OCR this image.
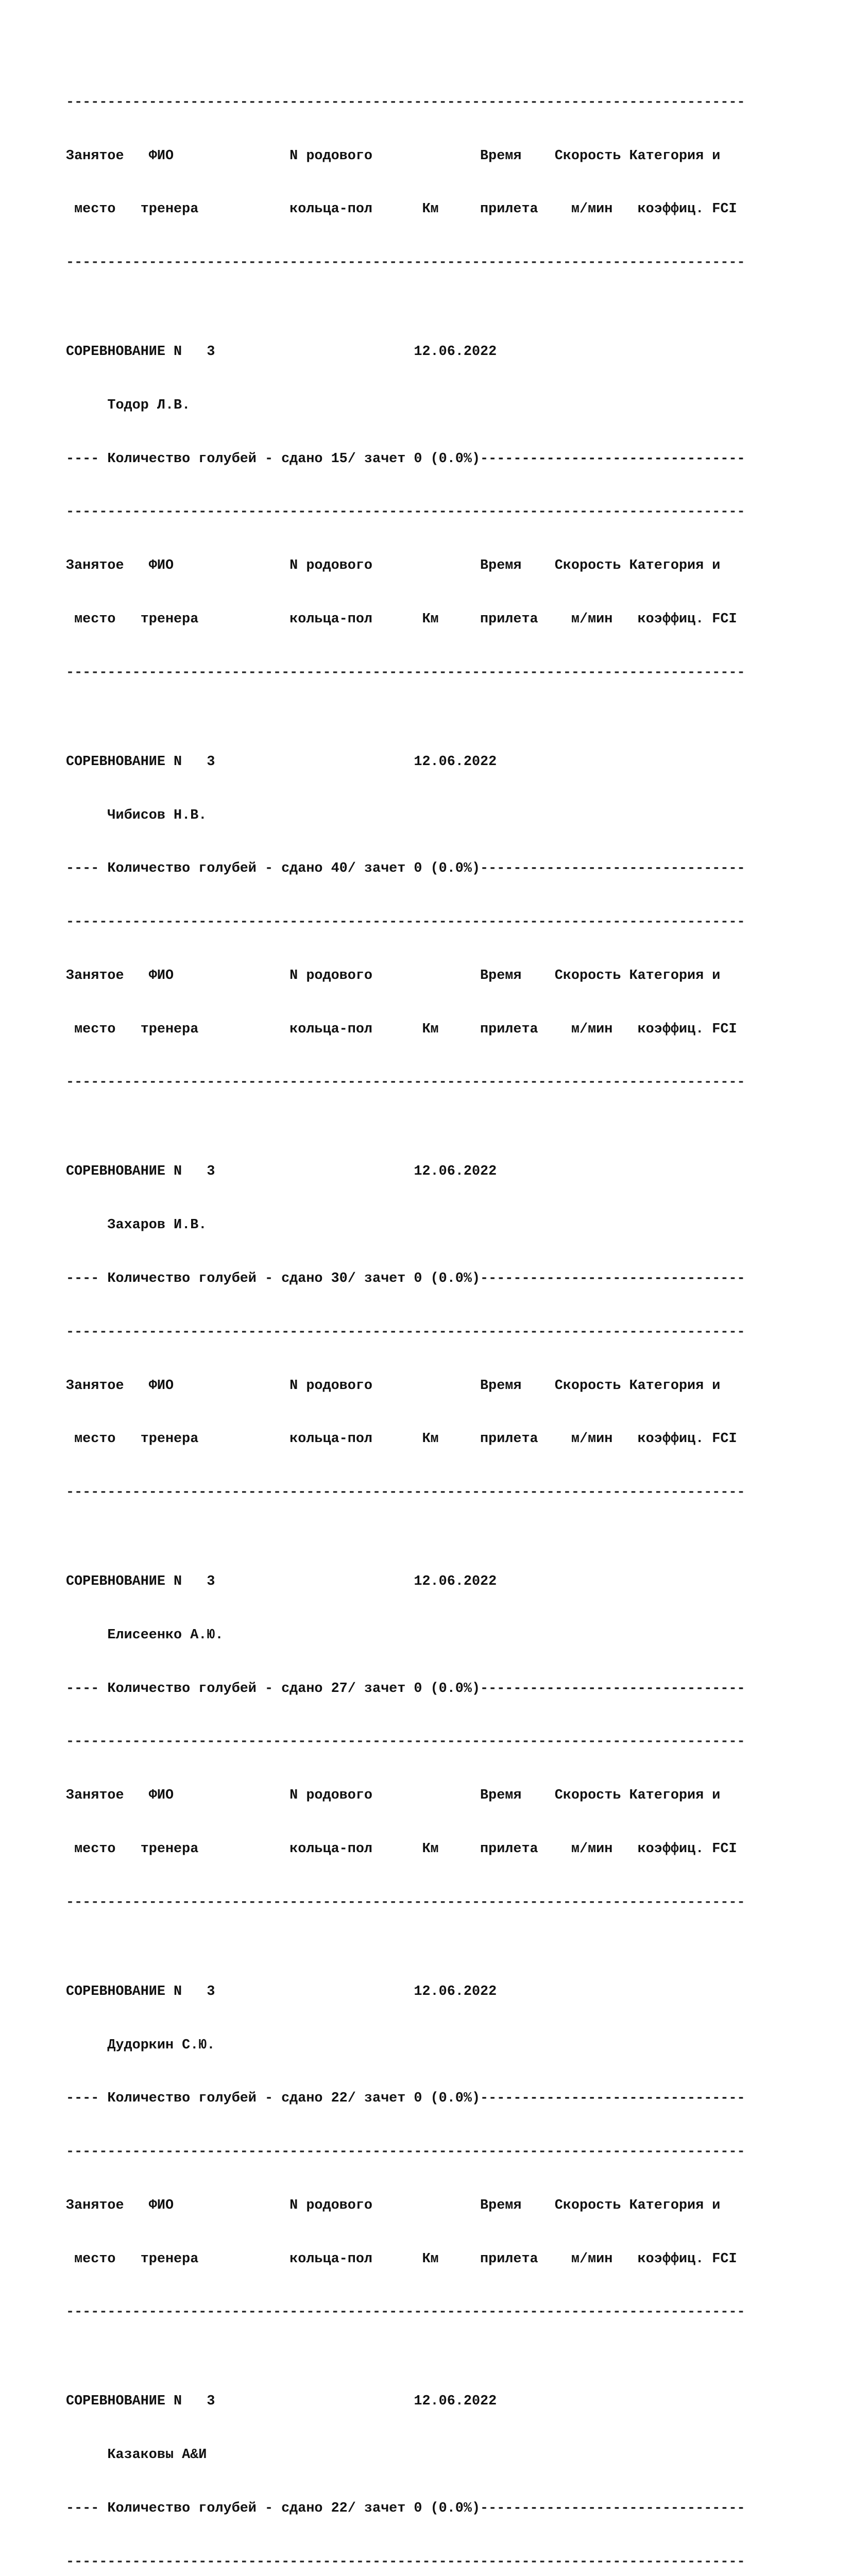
----------------------------------------------------------------------------------

Занятое   ФИО              N родового             Время    Скорость Категория и

место   тренера           кольца-пол      Км     прилета    м/мин   коэффиц. FCI

----------------------------------------------------------------------------------

СОРЕВНОВАНИЕ N   3                        12.06.2022

Тодор Л.В.

---- Количество голубей - сдано 15/ зачет 0 (0.0%)--------------------------------

----------------------------------------------------------------------------------

Занятое   ФИО              N родового             Время    Скорость Категория и

место   тренера           кольца-пол      Км     прилета    м/мин   коэффиц. FCI

----------------------------------------------------------------------------------

СОРЕВНОВАНИЕ N   3                        12.06.2022

Чибисов Н.В.

---- Количество голубей - сдано 40/ зачет 0 (0.0%)--------------------------------

----------------------------------------------------------------------------------

Занятое   ФИО              N родового             Время    Скорость Категория и

место   тренера           кольца-пол      Км     прилета    м/мин   коэффиц. FCI

----------------------------------------------------------------------------------

СОРЕВНОВАНИЕ N   3                        12.06.2022

Захаров И.В.

---- Количество голубей - сдано 30/ зачет 0 (0.0%)--------------------------------

----------------------------------------------------------------------------------

Занятое   ФИО              N родового             Время    Скорость Категория и

место   тренера           кольца-пол      Км     прилета    м/мин   коэффиц. FCI

----------------------------------------------------------------------------------

СОРЕВНОВАНИЕ N   3                        12.06.2022

Елисеенко А.Ю.

---- Количество голубей - сдано 27/ зачет 0 (0.0%)--------------------------------

----------------------------------------------------------------------------------

Занятое   ФИО              N родового             Время    Скорость Категория и

место   тренера           кольца-пол      Км     прилета    м/мин   коэффиц. FCI

----------------------------------------------------------------------------------

СОРЕВНОВАНИЕ N   3                        12.06.2022

Дудоркин С.Ю.

---- Количество голубей - сдано 22/ зачет 0 (0.0%)--------------------------------

----------------------------------------------------------------------------------

Занятое   ФИО              N родового             Время    Скорость Категория и

место   тренера           кольца-пол      Км     прилета    м/мин   коэффиц. FCI

----------------------------------------------------------------------------------

СОРЕВНОВАНИЕ N   3                        12.06.2022

Казаковы А&И

---- Количество голубей - сдано 22/ зачет 0 (0.0%)--------------------------------

----------------------------------------------------------------------------------
